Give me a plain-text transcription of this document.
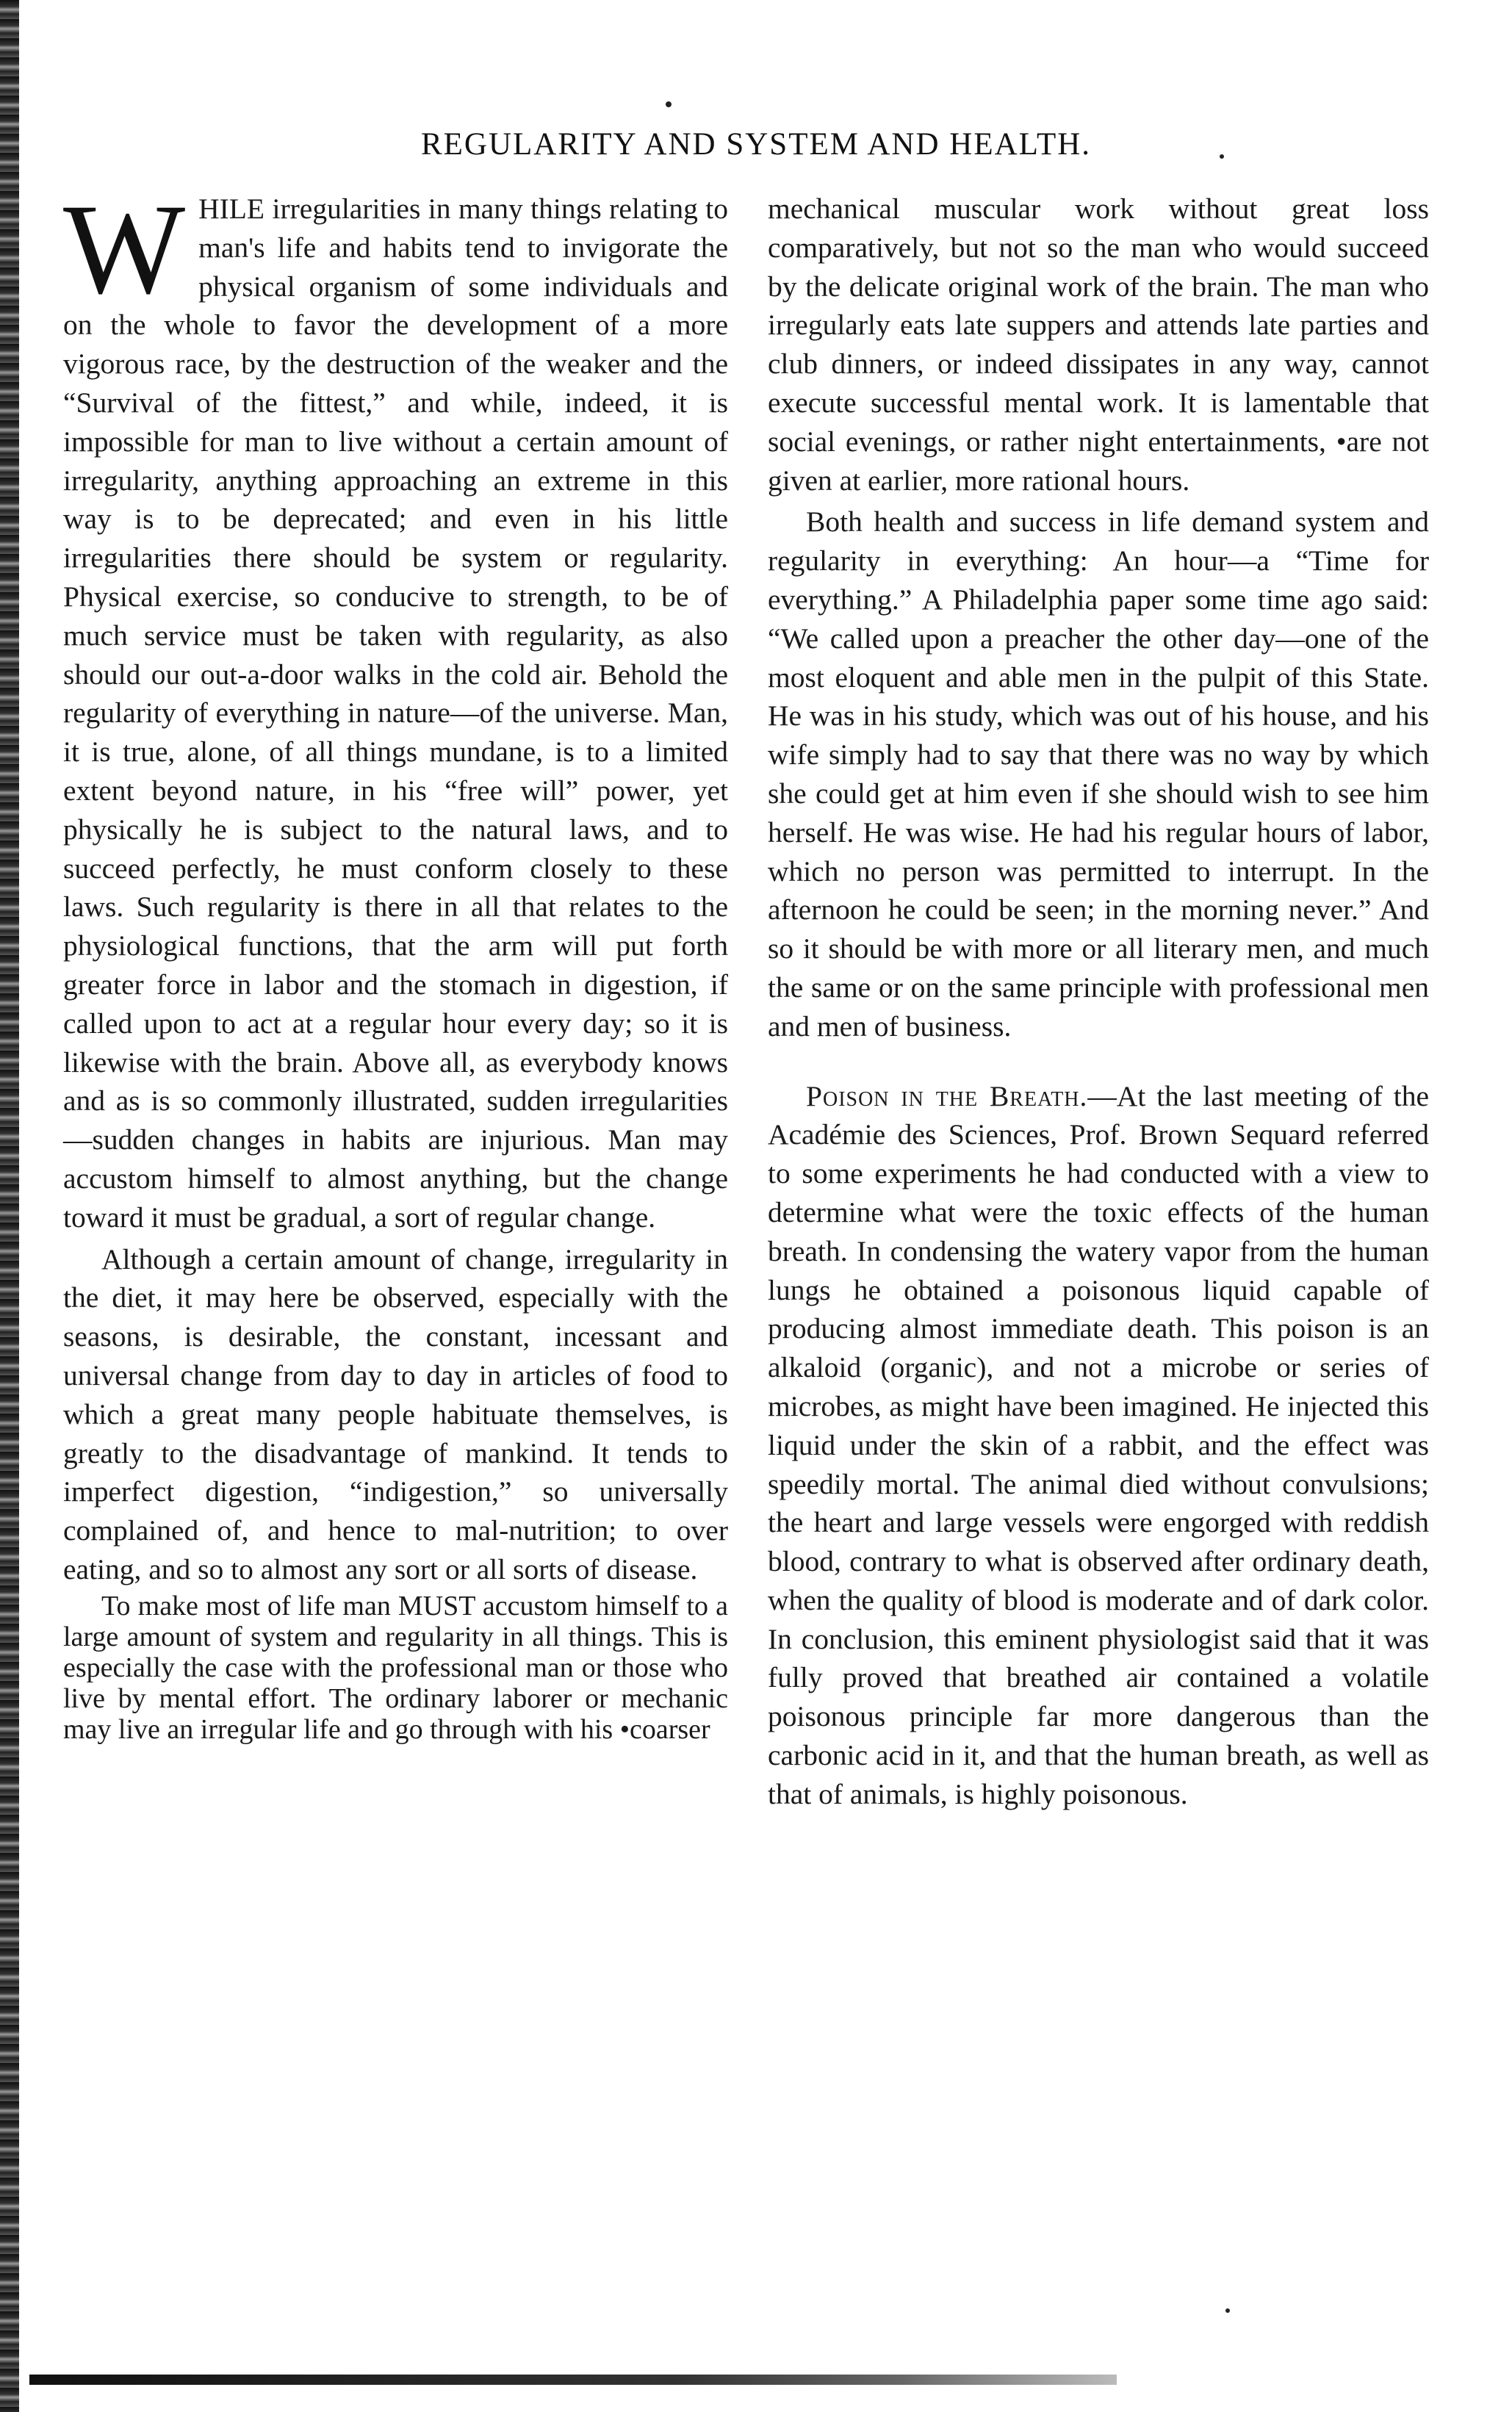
REGULARITY AND SYSTEM AND HEALTH.

WHILE irregularities in many things relating to man's life and habits tend to invigorate the physical organism of some individuals and on the whole to favor the development of a more vigorous race, by the destruction of the weaker and the “Survival of the fittest,” and while, indeed, it is impossible for man to live without a certain amount of irregularity, anything approaching an extreme in this way is to be deprecated; and even in his little irregularities there should be system or regularity. Physical exercise, so conducive to strength, to be of much service must be taken with regularity, as also should our out-a-door walks in the cold air. Behold the regularity of everything in nature—of the universe. Man, it is true, alone, of all things mundane, is to a limited extent beyond nature, in his “free will” power, yet physically he is subject to the natural laws, and to succeed perfectly, he must conform closely to these laws. Such regularity is there in all that relates to the physiological functions, that the arm will put forth greater force in labor and the stomach in digestion, if called upon to act at a regular hour every day; so it is likewise with the brain. Above all, as everybody knows and as is so commonly illustrated, sudden irregularities—sudden changes in habits are injurious. Man may accustom himself to almost anything, but the change toward it must be gradual, a sort of regular change.

Although a certain amount of change, irregularity in the diet, it may here be observed, especially with the seasons, is desirable, the constant, incessant and universal change from day to day in articles of food to which a great many people habituate themselves, is greatly to the disadvantage of mankind. It tends to imperfect digestion, “indigestion,” so universally complained of, and hence to mal-nutrition; to over eating, and so to almost any sort or all sorts of disease.

To make most of life man MUST accustom himself to a large amount of system and regularity in all things. This is especially the case with the professional man or those who live by mental effort. The ordinary laborer or mechanic may live an irregular life and go through with his •coarser

mechanical muscular work without great loss comparatively, but not so the man who would succeed by the delicate original work of the brain. The man who irregularly eats late suppers and attends late parties and club dinners, or indeed dissipates in any way, cannot execute successful mental work. It is lamentable that social evenings, or rather night entertainments, •are not given at earlier, more rational hours.

Both health and success in life demand system and regularity in everything: An hour—a “Time for everything.” A Philadelphia paper some time ago said: “We called upon a preacher the other day—one of the most eloquent and able men in the pulpit of this State. He was in his study, which was out of his house, and his wife simply had to say that there was no way by which she could get at him even if she should wish to see him herself. He was wise. He had his regular hours of labor, which no person was permitted to interrupt. In the afternoon he could be seen; in the morning never.” And so it should be with more or all literary men, and much the same or on the same principle with professional men and men of business.

Poison in the Breath.—At the last meeting of the Académie des Sciences, Prof. Brown Sequard referred to some experiments he had conducted with a view to determine what were the toxic effects of the human breath. In condensing the watery vapor from the human lungs he obtained a poisonous liquid capable of producing almost immediate death. This poison is an alkaloid (organic), and not a microbe or series of microbes, as might have been imagined. He injected this liquid under the skin of a rabbit, and the effect was speedily mortal. The animal died without convulsions; the heart and large vessels were engorged with reddish blood, contrary to what is observed after ordinary death, when the quality of blood is moderate and of dark color. In conclusion, this eminent physiologist said that it was fully proved that breathed air contained a volatile poisonous principle far more dangerous than the carbonic acid in it, and that the human breath, as well as that of animals, is highly poisonous.
